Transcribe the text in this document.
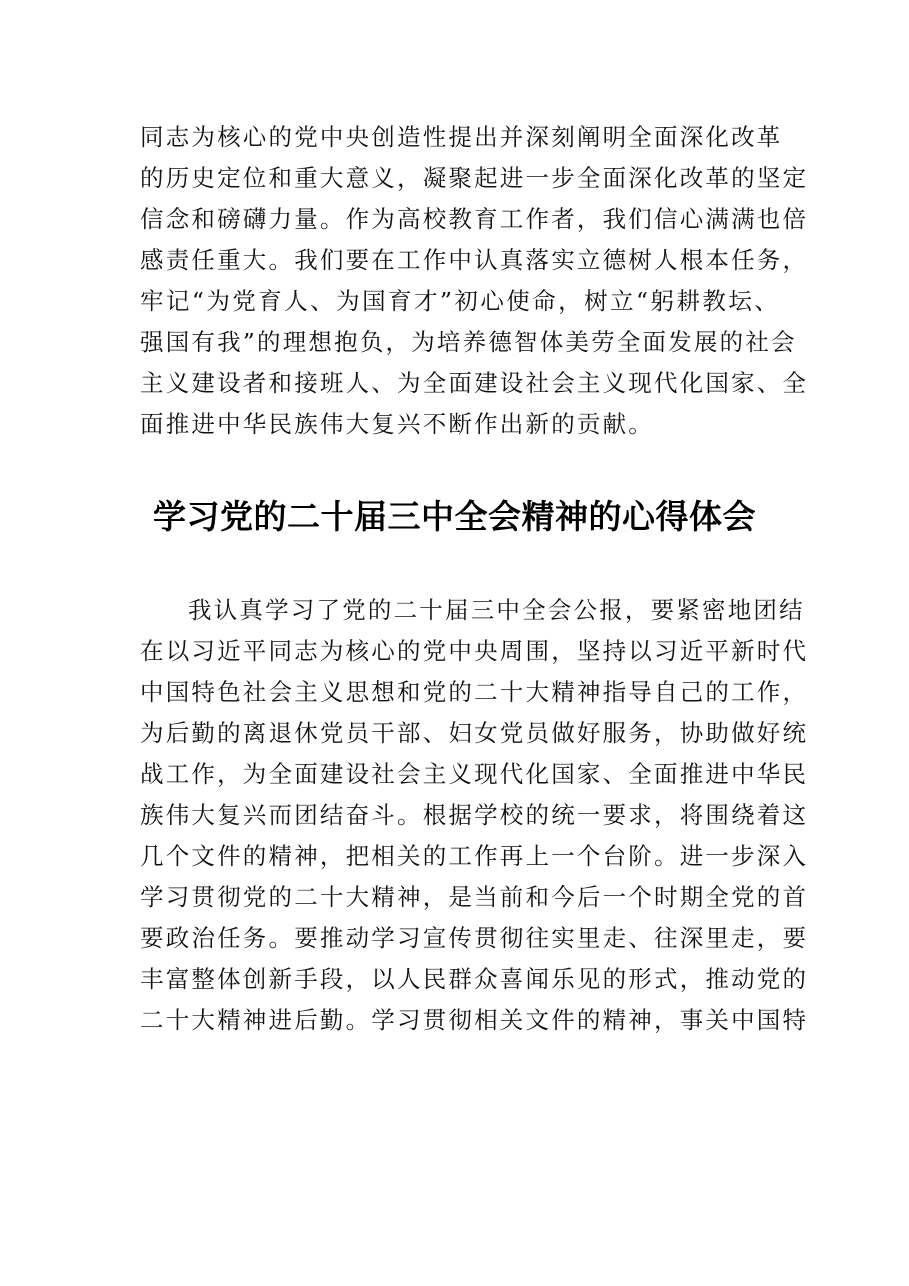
同志为核心的党中央创造性提出并深刻阐明全面深化改革
的历史定位和重大意义，凝聚起进一步全面深化改革的坚定
信念和磅礴力量。作为高校教育工作者，我们信心满满也倍
感责任重大。我们要在工作中认真落实立德树人根本任务，
牢记“为党育人、为国育才”初心使命，树立“躬耕教坛、
强国有我”的理想抱负，为培养德智体美劳全面发展的社会
主义建设者和接班人、为全面建设社会主义现代化国家、全
面推进中华民族伟大复兴不断作出新的贡献。
学习党的二十届三中全会精神的心得体会
我认真学习了党的二十届三中全会公报，要紧密地团结
在以习近平同志为核心的党中央周围，坚持以习近平新时代
中国特色社会主义思想和党的二十大精神指导自己的工作，
为后勤的离退休党员干部、妇女党员做好服务，协助做好统
战工作，为全面建设社会主义现代化国家、全面推进中华民
族伟大复兴而团结奋斗。根据学校的统一要求，将围绕着这
几个文件的精神，把相关的工作再上一个台阶。进一步深入
学习贯彻党的二十大精神，是当前和今后一个时期全党的首
要政治任务。要推动学习宣传贯彻往实里走、往深里走，要
丰富整体创新手段，以人民群众喜闻乐见的形式，推动党的
二十大精神进后勤。学习贯彻相关文件的精神，事关中国特
